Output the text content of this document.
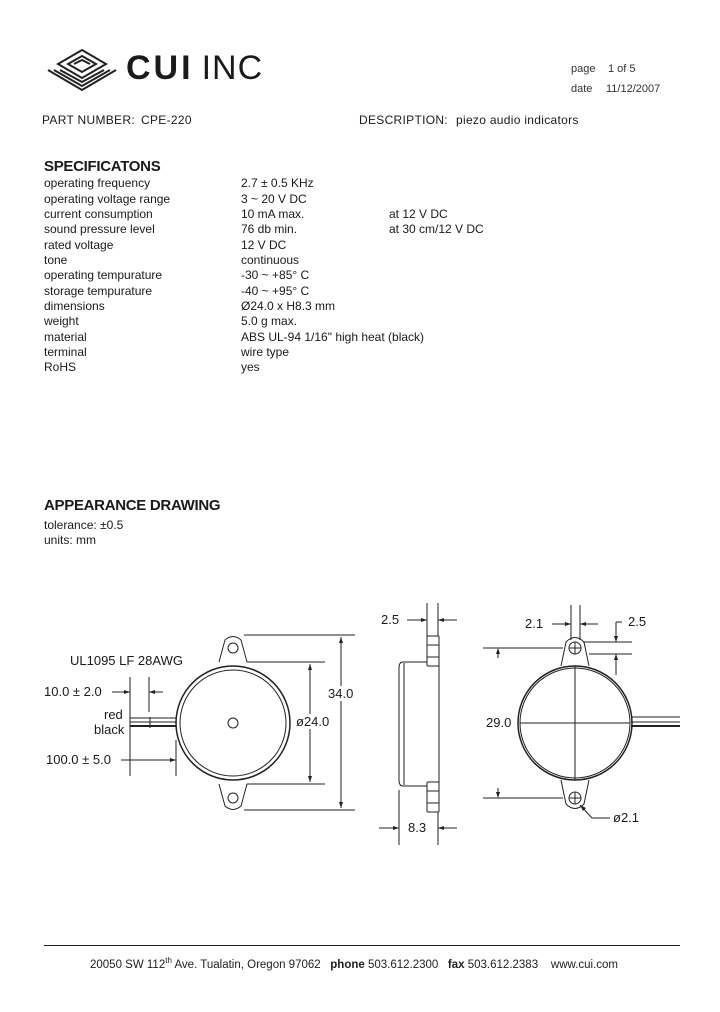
CUI INC	page 1 of 5
date 11/12/2007
PART NUMBER: CPE-220	DESCRIPTION: piezo audio indicators
SPECIFICATONS
operating frequency	2.7 ± 0.5 KHz
operating voltage range	3 ~ 20 V DC
current consumption	10 mA max.	at 12 V DC
sound pressure level	76 db min.	at 30 cm/12 V DC
rated voltage	12 V DC
tone	continuous
operating tempurature	-30 ~ +85° C
storage tempurature	-40 ~ +95° C
dimensions	Ø24.0 x H8.3 mm
weight	5.0 g max.
material	ABS UL-94 1/16" high heat (black)
terminal	wire type
RoHS	yes
APPEARANCE DRAWING
tolerance: ±0.5
units: mm
UL1095 LF 28AWG
10.0 ± 2.0
red
black
100.0 ± 5.0
ø24.0
34.0
2.5
8.3
2.1	2.5
29.0
ø2.1
20050 SW 112th Ave. Tualatin, Oregon 97062 phone 503.612.2300 fax 503.612.2383 www.cui.com
